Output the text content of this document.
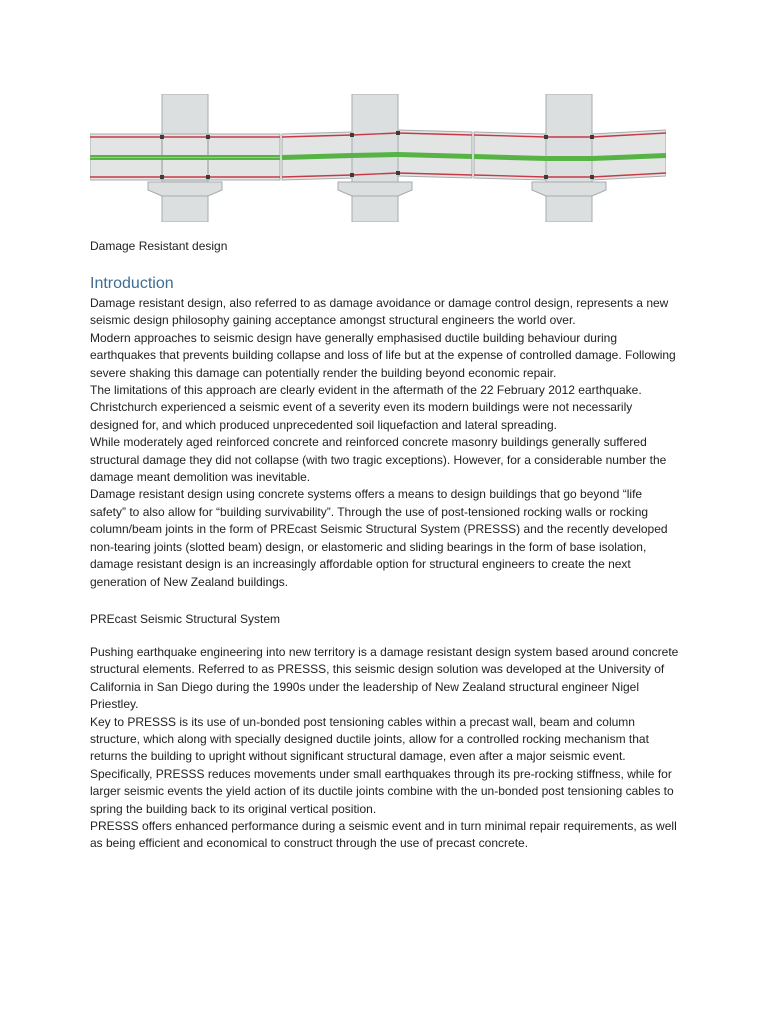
Damage Resistant design
Introduction

Damage resistant design, also referred to as damage avoidance or damage control design, represents a new seismic design philosophy gaining acceptance amongst structural engineers the world over.

Modern approaches to seismic design have generally emphasised ductile building behaviour during earthquakes that prevents building collapse and loss of life but at the expense of controlled damage. Following severe shaking this damage can potentially render the building beyond economic repair.

The limitations of this approach are clearly evident in the aftermath of the 22 February 2012 earthquake. Christchurch experienced a seismic event of a severity even its modern buildings were not necessarily designed for, and which produced unprecedented soil liquefaction and lateral spreading.

While moderately aged reinforced concrete and reinforced concrete masonry buildings generally suffered structural damage they did not collapse (with two tragic exceptions). However, for a considerable number the damage meant demolition was inevitable.

Damage resistant design using concrete systems offers a means to design buildings that go beyond “life safety” to also allow for “building survivability”. Through the use of post-tensioned rocking walls or rocking column/beam joints in the form of PREcast Seismic Structural System (PRESSS) and the recently developed non-tearing joints (slotted beam) design, or elastomeric and sliding bearings in the form of base isolation, damage resistant design is an increasingly affordable option for structural engineers to create the next generation of New Zealand buildings.

PREcast Seismic Structural System

Pushing earthquake engineering into new territory is a damage resistant design system based around concrete structural elements. Referred to as PRESSS, this seismic design solution was developed at the University of California in San Diego during the 1990s under the leadership of New Zealand structural engineer Nigel Priestley.

Key to PRESSS is its use of un-bonded post tensioning cables within a precast wall, beam and column structure, which along with specially designed ductile joints, allow for a controlled rocking mechanism that returns the building to upright without significant structural damage, even after a major seismic event. Specifically, PRESSS reduces movements under small earthquakes through its pre-rocking stiffness, while for larger seismic events the yield action of its ductile joints combine with the un-bonded post tensioning cables to spring the building back to its original vertical position.

PRESSS offers enhanced performance during a seismic event and in turn minimal repair requirements, as well as being efficient and economical to construct through the use of precast concrete.
